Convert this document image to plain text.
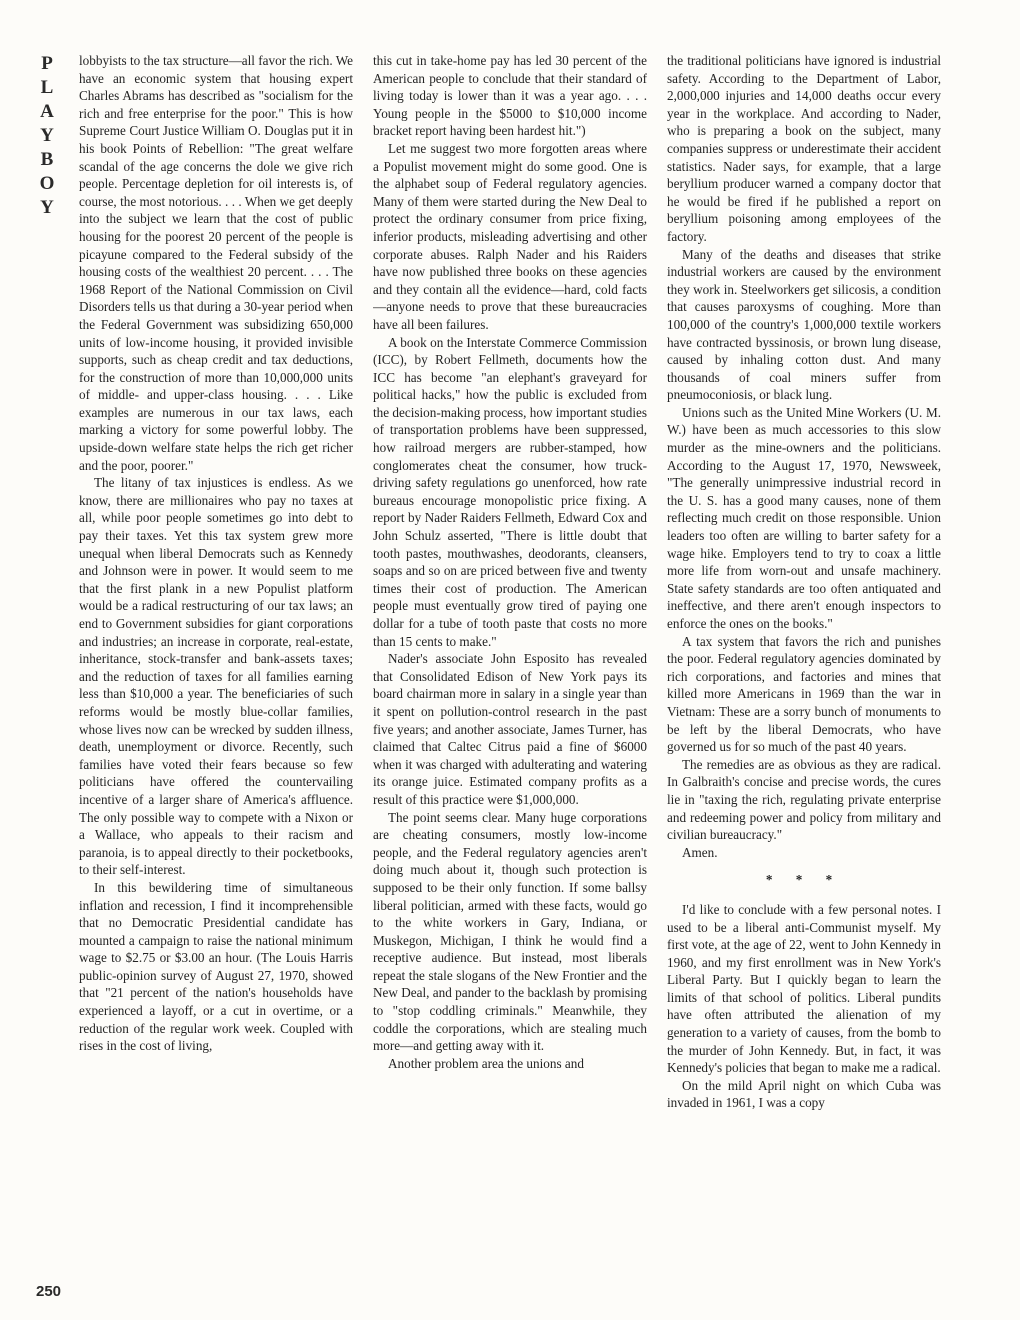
P
L
A
Y
B
O
Y

lobbyists to the tax structure—all favor the rich. We have an economic system that housing expert Charles Abrams has described as "socialism for the rich and free enterprise for the poor." This is how Supreme Court Justice William O. Douglas put it in his book Points of Rebellion: "The great welfare scandal of the age concerns the dole we give rich people. Percentage depletion for oil interests is, of course, the most notorious. . . . When we get deeply into the subject we learn that the cost of public housing for the poorest 20 percent of the people is picayune compared to the Federal subsidy of the housing costs of the wealthiest 20 percent. . . . The 1968 Report of the National Commission on Civil Disorders tells us that during a 30-year period when the Federal Government was subsidizing 650,000 units of low-income housing, it provided invisible supports, such as cheap credit and tax deductions, for the construction of more than 10,000,000 units of middle- and upper-class housing. . . . Like examples are numerous in our tax laws, each marking a victory for some powerful lobby. The upside-down welfare state helps the rich get richer and the poor, poorer."

The litany of tax injustices is endless. As we know, there are millionaires who pay no taxes at all, while poor people sometimes go into debt to pay their taxes. Yet this tax system grew more unequal when liberal Democrats such as Kennedy and Johnson were in power. It would seem to me that the first plank in a new Populist platform would be a radical restructuring of our tax laws; an end to Government subsidies for giant corporations and industries; an increase in corporate, real-estate, inheritance, stock-transfer and bank-assets taxes; and the reduction of taxes for all families earning less than $10,000 a year. The beneficiaries of such reforms would be mostly blue-collar families, whose lives now can be wrecked by sudden illness, death, unemployment or divorce. Recently, such families have voted their fears because so few politicians have offered the countervailing incentive of a larger share of America's affluence. The only possible way to compete with a Nixon or a Wallace, who appeals to their racism and paranoia, is to appeal directly to their pocketbooks, to their self-interest.

In this bewildering time of simultaneous inflation and recession, I find it incomprehensible that no Democratic Presidential candidate has mounted a campaign to raise the national minimum wage to $2.75 or $3.00 an hour. (The Louis Harris public-opinion survey of August 27, 1970, showed that "21 percent of the nation's households have experienced a layoff, or a cut in overtime, or a reduction of the regular work week. Coupled with rises in the cost of living,

this cut in take-home pay has led 30 percent of the American people to conclude that their standard of living today is lower than it was a year ago. . . . Young people in the $5000 to $10,000 income bracket report having been hardest hit.")

Let me suggest two more forgotten areas where a Populist movement might do some good. One is the alphabet soup of Federal regulatory agencies. Many of them were started during the New Deal to protect the ordinary consumer from price fixing, inferior products, misleading advertising and other corporate abuses. Ralph Nader and his Raiders have now published three books on these agencies and they contain all the evidence—hard, cold facts—anyone needs to prove that these bureaucracies have all been failures.

A book on the Interstate Commerce Commission (ICC), by Robert Fellmeth, documents how the ICC has become "an elephant's graveyard for political hacks," how the public is excluded from the decision-making process, how important studies of transportation problems have been suppressed, how railroad mergers are rubber-stamped, how conglomerates cheat the consumer, how truck-driving safety regulations go unenforced, how rate bureaus encourage monopolistic price fixing. A report by Nader Raiders Fellmeth, Edward Cox and John Schulz asserted, "There is little doubt that tooth pastes, mouthwashes, deodorants, cleansers, soaps and so on are priced between five and twenty times their cost of production. The American people must eventually grow tired of paying one dollar for a tube of tooth paste that costs no more than 15 cents to make."

Nader's associate John Esposito has revealed that Consolidated Edison of New York pays its board chairman more in salary in a single year than it spent on pollution-control research in the past five years; and another associate, James Turner, has claimed that Caltec Citrus paid a fine of $6000 when it was charged with adulterating and watering its orange juice. Estimated company profits as a result of this practice were $1,000,000.

The point seems clear. Many huge corporations are cheating consumers, mostly low-income people, and the Federal regulatory agencies aren't doing much about it, though such protection is supposed to be their only function. If some ballsy liberal politician, armed with these facts, would go to the white workers in Gary, Indiana, or Muskegon, Michigan, I think he would find a receptive audience. But instead, most liberals repeat the stale slogans of the New Frontier and the New Deal, and pander to the backlash by promising to "stop coddling criminals." Meanwhile, they coddle the corporations, which are stealing much more—and getting away with it.

Another problem area the unions and

the traditional politicians have ignored is industrial safety. According to the Department of Labor, 2,000,000 injuries and 14,000 deaths occur every year in the workplace. And according to Nader, who is preparing a book on the subject, many companies suppress or underestimate their accident statistics. Nader says, for example, that a large beryllium producer warned a company doctor that he would be fired if he published a report on beryllium poisoning among employees of the factory.

Many of the deaths and diseases that strike industrial workers are caused by the environment they work in. Steelworkers get silicosis, a condition that causes paroxysms of coughing. More than 100,000 of the country's 1,000,000 textile workers have contracted byssinosis, or brown lung disease, caused by inhaling cotton dust. And many thousands of coal miners suffer from pneumoconiosis, or black lung.

Unions such as the United Mine Workers (U. M. W.) have been as much accessories to this slow murder as the mine-owners and the politicians. According to the August 17, 1970, Newsweek, "The generally unimpressive industrial record in the U. S. has a good many causes, none of them reflecting much credit on those responsible. Union leaders too often are willing to barter safety for a wage hike. Employers tend to try to coax a little more life from worn-out and unsafe machinery. State safety standards are too often antiquated and ineffective, and there aren't enough inspectors to enforce the ones on the books."

A tax system that favors the rich and punishes the poor. Federal regulatory agencies dominated by rich corporations, and factories and mines that killed more Americans in 1969 than the war in Vietnam: These are a sorry bunch of monuments to be left by the liberal Democrats, who have governed us for so much of the past 40 years.

The remedies are as obvious as they are radical. In Galbraith's concise and precise words, the cures lie in "taxing the rich, regulating private enterprise and redeeming power and policy from military and civilian bureaucracy."

Amen.

* * *

I'd like to conclude with a few personal notes. I used to be a liberal anti-Communist myself. My first vote, at the age of 22, went to John Kennedy in 1960, and my first enrollment was in New York's Liberal Party. But I quickly began to learn the limits of that school of politics. Liberal pundits have often attributed the alienation of my generation to a variety of causes, from the bomb to the murder of John Kennedy. But, in fact, it was Kennedy's policies that began to make me a radical.

On the mild April night on which Cuba was invaded in 1961, I was a copy

250
